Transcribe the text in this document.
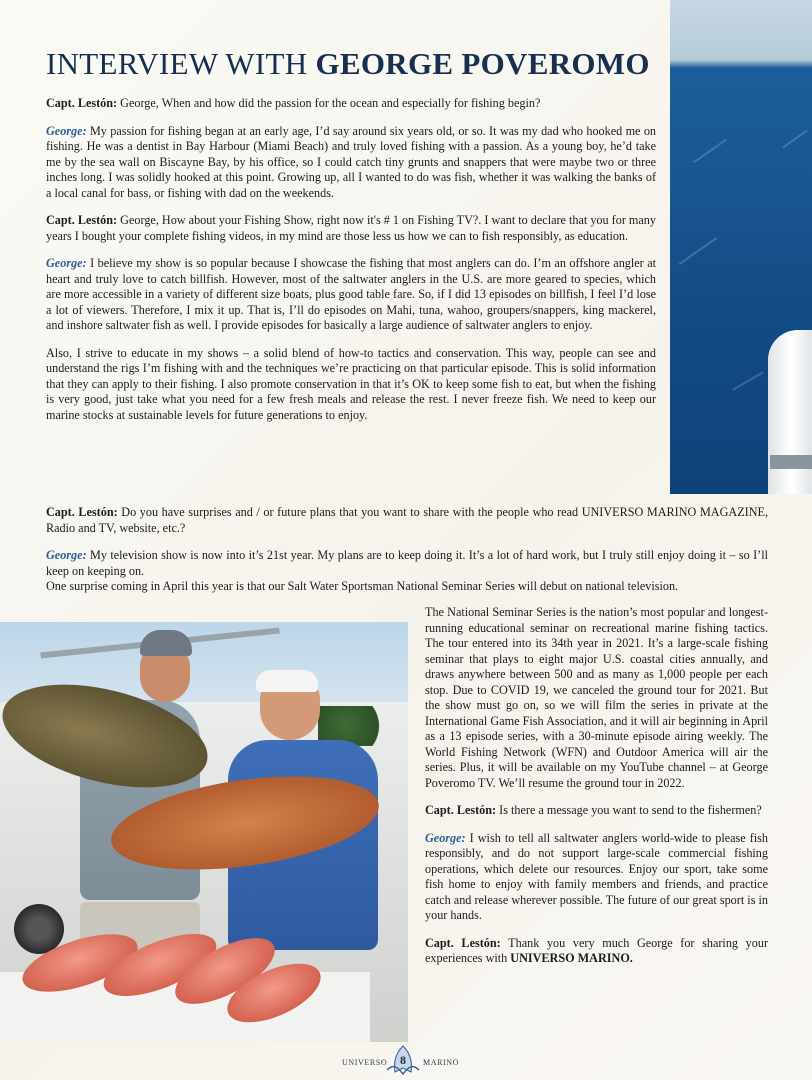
INTERVIEW WITH GEORGE POVEROMO

Capt. Lestón: George, When and how did the passion for the ocean and especially for fishing begin?

George: My passion for fishing began at an early age, I’d say around six years old, or so. It was my dad who hooked me on fishing. He was a dentist in Bay Harbour (Miami Beach) and truly loved fishing with a passion. As a young boy, he’d take me by the sea wall on Biscayne Bay, by his office, so I could catch tiny grunts and snappers that were maybe two or three inches long. I was solidly hooked at this point. Growing up, all I wanted to do was fish, whether it was walking the banks of a local canal for bass, or fishing with dad on the weekends.

Capt. Lestón: George, How about your Fishing Show, right now it's # 1 on Fishing TV?. I want to declare that you for many years I bought your complete fishing videos, in my mind are those less us how we can to fish responsibly, as education.

George: I believe my show is so popular because I showcase the fishing that most anglers can do. I’m an offshore angler at heart and truly love to catch billfish. However, most of the saltwater anglers in the U.S. are more geared to species, which are more accessible in a variety of different size boats, plus good table fare. So, if I did 13 episodes on billfish, I feel I’d lose a lot of viewers. Therefore, I mix it up. That is, I’ll do episodes on Mahi, tuna, wahoo, groupers/snappers, king mackerel, and inshore saltwater fish as well. I provide episodes for basically a large audience of saltwater anglers to enjoy.

Also, I strive to educate in my shows – a solid blend of how-to tactics and conservation. This way, people can see and understand the rigs I’m fishing with and the techniques we’re practicing on that particular episode. This is solid information that they can apply to their fishing. I also promote conservation in that it’s OK to keep some fish to eat, but when the fishing is very good, just take what you need for a few fresh meals and release the rest. I never freeze fish. We need to keep our marine stocks at sustainable levels for future generations to enjoy.

Capt. Lestón: Do you have surprises and / or future plans that you want to share with the people who read UNIVERSO MARINO MAGAZINE, Radio and TV, website, etc.?

George: My television show is now into it’s 21st year. My plans are to keep doing it. It’s a lot of hard work, but I truly still enjoy doing it – so I’ll keep on keeping on.

One surprise coming in April this year is that our Salt Water Sportsman National Seminar Series will debut on national television.

The National Seminar Series is the nation’s most popular and longest-running educational seminar on recreational marine fishing tactics. The tour entered into its 34th year in 2021. It’s a large-scale fishing seminar that plays to eight major U.S. coastal cities annually, and draws anywhere between 500 and as many as 1,000 people per each stop. Due to COVID 19, we canceled the ground tour for 2021. But the show must go on, so we will film the series in private at the International Game Fish Association, and it will air beginning in April as a 13 episode series, with a 30-minute episode airing weekly. The World Fishing Network (WFN) and Outdoor America will air the series. Plus, it will be available on my YouTube channel – at George Poveromo TV. We’ll resume the ground tour in 2022.

Capt. Lestón: Is there a message you want to send to the fishermen?

George: I wish to tell all saltwater anglers world-wide to please fish responsibly, and do not support large-scale commercial fishing operations, which delete our resources. Enjoy our sport, take some fish home to enjoy with family members and friends, and practice catch and release wherever possible. The future of our great sport is in your hands.

Capt. Lestón: Thank you very much George for sharing your experiences with UNIVERSO MARINO.

UNIVERSO	8	MARINO
